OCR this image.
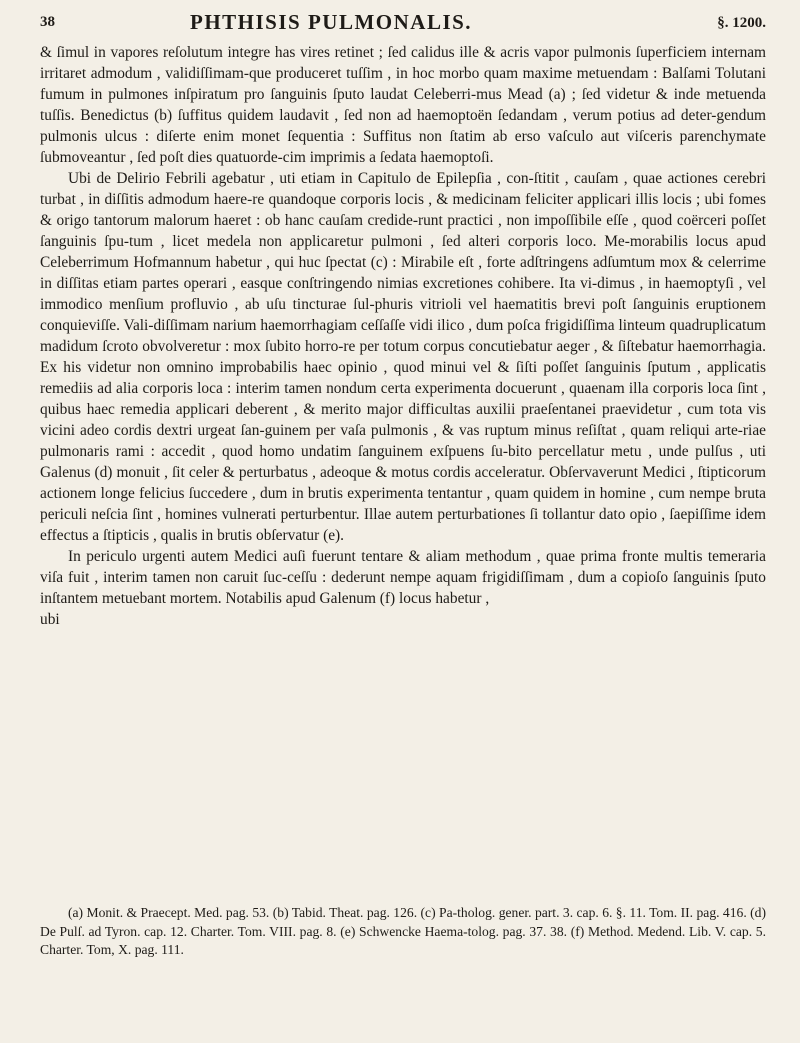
38	PHTHISIS PULMONALIS.	§. 1200.

& ſimul in vapores reſolutum integre has vires retinet ; ſed calidus ille & acris vapor pulmonis ſuperficiem internam irritaret admodum , validiſſimam-que produceret tuſſim , in hoc morbo quam maxime metuendam : Balſami Tolutani fumum in pulmones inſpiratum pro ſanguinis ſputo laudat Celeberri-mus Mead (a) ; ſed videtur & inde metuenda tuſſis. Benedictus (b) ſuffitus quidem laudavit , ſed non ad haemoptoën ſedandam , verum potius ad deter-gendum pulmonis ulcus : diſerte enim monet ſequentia : Suffitus non ſtatim ab erso vaſculo aut viſceris parenchymate ſubmoveantur , ſed poſt dies quatuorde-cim imprimis a ſedata haemoptoſi.

Ubi de Delirio Febrili agebatur , uti etiam in Capitulo de Epilepſia , con-ſtitit , cauſam , quae actiones cerebri turbat , in diſſitis admodum haere-re quandoque corporis locis , & medicinam feliciter applicari illis locis ; ubi fomes & origo tantorum malorum haeret : ob hanc cauſam credide-runt practici , non impoſſibile eſſe , quod coërceri poſſet ſanguinis ſpu-tum , licet medela non applicaretur pulmoni , ſed alteri corporis loco. Me-morabilis locus apud Celeberrimum Hofmannum habetur , qui huc ſpectat (c) : Mirabile eſt , forte adſtringens adſumtum mox & celerrime in diſſitas etiam partes operari , easque conſtringendo nimias excretiones cohibere. Ita vi-dimus , in haemoptyſi , vel immodico menſium profluvio , ab uſu tincturae ſul-phuris vitrioli vel haematitis brevi poſt ſanguinis eruptionem conquieviſſe. Vali-diſſimam narium haemorrhagiam ceſſaſſe vidi ilico , dum poſca frigidiſſima linteum quadruplicatum madidum ſcroto obvolveretur : mox ſubito horro-re per totum corpus concutiebatur aeger , & ſiſtebatur haemorrhagia. Ex his videtur non omnino improbabilis haec opinio , quod minui vel & ſiſti poſſet ſanguinis ſputum , applicatis remediis ad alia corporis loca : interim tamen nondum certa experimenta docuerunt , quaenam illa corporis loca ſint , quibus haec remedia applicari deberent , & merito major difficultas auxilii praeſentanei praevidetur , cum tota vis vicini adeo cordis dextri urgeat ſan-guinem per vaſa pulmonis , & vas ruptum minus reſiſtat , quam reliqui arte-riae pulmonaris rami : accedit , quod homo undatim ſanguinem exſpuens ſu-bito percellatur metu , unde pulſus , uti Galenus (d) monuit , ſit celer & perturbatus , adeoque & motus cordis acceleratur. Obſervaverunt Medici , ſtipticorum actionem longe felicius ſuccedere , dum in brutis experimenta tentantur , quam quidem in homine , cum nempe bruta periculi neſcia ſint , homines vulnerati perturbentur. Illae autem perturbationes ſi tollantur dato opio , ſaepiſſime idem effectus a ſtipticis , qualis in brutis obſervatur (e).

In periculo urgenti autem Medici auſi fuerunt tentare & aliam methodum , quae prima fronte multis temeraria viſa fuit , interim tamen non caruit ſuc-ceſſu : dederunt nempe aquam frigidiſſimam , dum a copioſo ſanguinis ſputo inſtantem metuebant mortem. Notabilis apud Galenum (f) locus habetur ,

ubi

(a) Monit. & Praecept. Med. pag. 53. (b) Tabid. Theat. pag. 126. (c) Pa-tholog. gener. part. 3. cap. 6. §. 11. Tom. II. pag. 416. (d) De Pulſ. ad Tyron. cap. 12. Charter. Tom. VIII. pag. 8. (e) Schwencke Haema-tolog. pag. 37. 38. (f) Method. Medend. Lib. V. cap. 5. Charter. Tom, X. pag. 111.
